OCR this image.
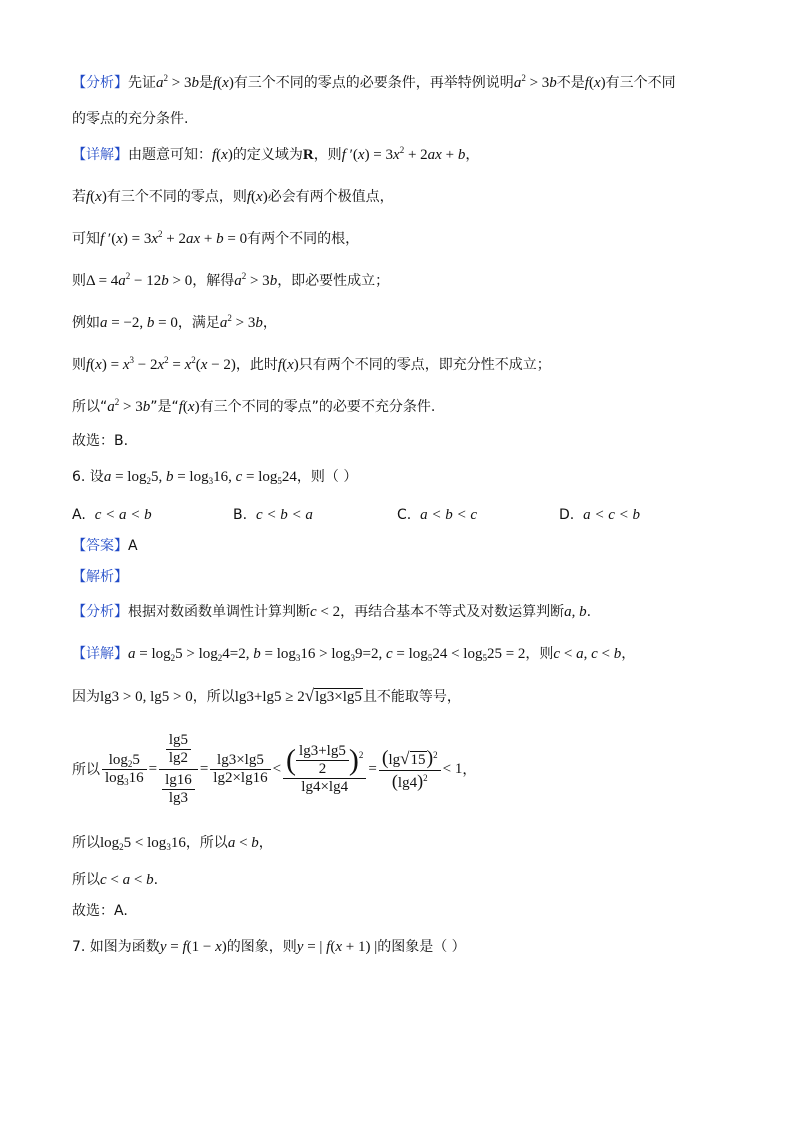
【分析】先证$a^2 > 3b$是f(x)有三个不同的零点的必要条件，再举特例说明$a^2 > 3b$不是f(x)有三个不同
的零点的充分条件.
【详解】由题意可知：f(x)的定义域为R，则f $'(x) = 3x^2 + 2ax + b$，
若f(x)有三个不同的零点，则f(x)必会有两个极值点，
可知f $'(x) = 3x^2 + 2ax + b = 0$有两个不同的根，
则$\Delta = 4a^2 - 12b > 0$，解得$a^2 > 3b$，即必要性成立；
例如a = −2, b = 0，满足$a^2 > 3b$，
则$f(x) = x^3 - 2x^2 = x^2(x - 2)$，此时f(x)只有两个不同的零点，即充分性不成立；
所以“$a^2 > 3b$”是“f(x)有三个不同的零点”的必要不充分条件.
故选：B.
6. 设$a = \log_25$, $b = \log_316$, $c = \log_524$，则（ ）
A. c < a < b	B. c < b < a	C. a < b < c	D. a < c < b
【答案】A
【解析】
【分析】根据对数函数单调性计算判断c < 2，再结合基本不等式及对数运算判断a, b.
【详解】$a = \log_25 > \log_24=2$, $b = \log_316 > \log_39=2$, $c = \log_524 < \log_525 = 2$，则c < a, c < b，
因为lg3 > 0, lg5 > 0，所以lg3+lg5 ≥ 2√lg3×lg5且不能取等号，
所以 $\frac{\log_25}{\log_316} = \frac{\frac{\lg 5}{\lg 2}}{\frac{\lg 16}{\lg 3}} = \frac{\lg 3\times\lg 5}{\lg 2\times\lg 16} < \frac{( \frac{\lg 3+\lg 5}{2} )^2}{\lg 4\times\lg 4} = \frac{(\lg√15)^2}{(\lg 4)^2} < 1$ ，
所以$\log_25 < \log_316$，所以a < b，
所以c < a < b.
故选：A.
7. 如图为函数y = f(1 − x)的图象，则y = | f(x + 1) |的图象是（ ）
